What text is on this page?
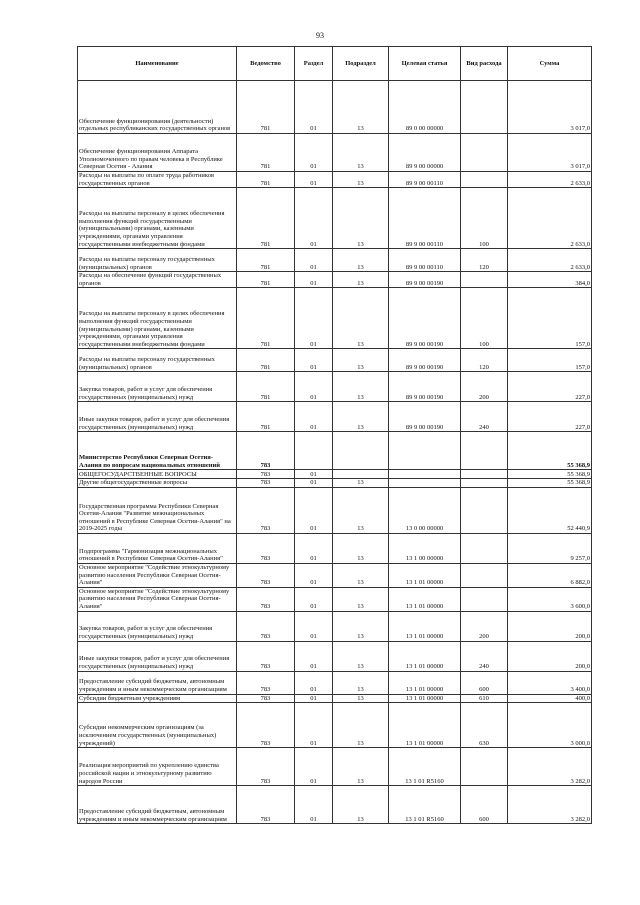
93
Наименование	Ведомство	Раздел	Подраздел	Целевая статья	Вид расхода	Сумма
Обеспечение функционирования (деятельности) отдельных республиканских государственных органов	781	01	13	89 0 00 00000		3 017,0
Обеспечение функционирования Аппарата Уполномоченного по правам человека в Республике Северная Осетия - Алания	781	01	13	89 9 00 00000		3 017,0
Расходы на выплаты по оплате труда работников государственных органов	781	01	13	89 9 00 00110		2 633,0
Расходы на выплаты персоналу в целях обеспечения выполнения функций государственными (муниципальными) органами, казенными учреждениями, органами управления государственными внебюджетными фондами	781	01	13	89 9 00 00110	100	2 633,0
Расходы на выплаты персоналу государственных (муниципальных) органов	781	01	13	89 9 00 00110	120	2 633,0
Расходы на обеспечение функций государственных органов	781	01	13	89 9 00 00190		384,0
Расходы на выплаты персоналу в целях обеспечения выполнения функций государственными (муниципальными) органами, казенными учреждениями, органами управления государственными внебюджетными фондами	781	01	13	89 9 00 00190	100	157,0
Расходы на выплаты персоналу государственных (муниципальных) органов	781	01	13	89 9 00 00190	120	157,0
Закупка товаров, работ и услуг для обеспечения государственных (муниципальных) нужд	781	01	13	89 9 00 00190	200	227,0
Иные закупки товаров, работ и услуг для обеспечения государственных (муниципальных) нужд	781	01	13	89 9 00 00190	240	227,0
Министерство Республики Северная Осетия-Алания по вопросам национальных отношений	783					55 368,9
ОБЩЕГОСУДАРСТВЕННЫЕ ВОПРОСЫ	783	01				55 368,9
Другие общегосударственные вопросы	783	01	13			55 368,9
Государственная программа Республики Северная Осетия-Алания "Развитие межнациональных отношений в Республике Северная Осетия-Алания" на 2019-2025 годы	783	01	13	13 0 00 00000		52 440,9
Подпрограмма "Гармонизация межнациональных отношений в Республике Северная Осетия-Алания"	783	01	13	13 1 00 00000		9 257,0
Основное мероприятие "Содействие этнокультурному развитию населения Республики Северная Осетия-Алания"	783	01	13	13 1 01 00000		6 882,0
Основное мероприятие "Содействие этнокультурному развитию населения Республики Северная Осетия-Алания"	783	01	13	13 1 01 00000		3 600,0
Закупка товаров, работ и услуг для обеспечения государственных (муниципальных) нужд	783	01	13	13 1 01 00000	200	200,0
Иные закупки товаров, работ и услуг для обеспечения государственных (муниципальных) нужд	783	01	13	13 1 01 00000	240	200,0
Предоставление субсидий бюджетным, автономным учреждениям и иным некоммерческим организациям	783	01	13	13 1 01 00000	600	3 400,0
Субсидии бюджетным учреждениям	783	01	13	13 1 01 00000	610	400,0
Субсидии некоммерческим организациям (за исключением государственных (муниципальных) учреждений)	783	01	13	13 1 01 00000	630	3 000,0
Реализация мероприятий по укреплению единства российской нации и этнокультурному развитию народов России	783	01	13	13 1 01 R5160		3 282,0
Предоставление субсидий бюджетным, автономным учреждениям и иным некоммерческим организациям	783	01	13	13 1 01 R5160	600	3 282,0
